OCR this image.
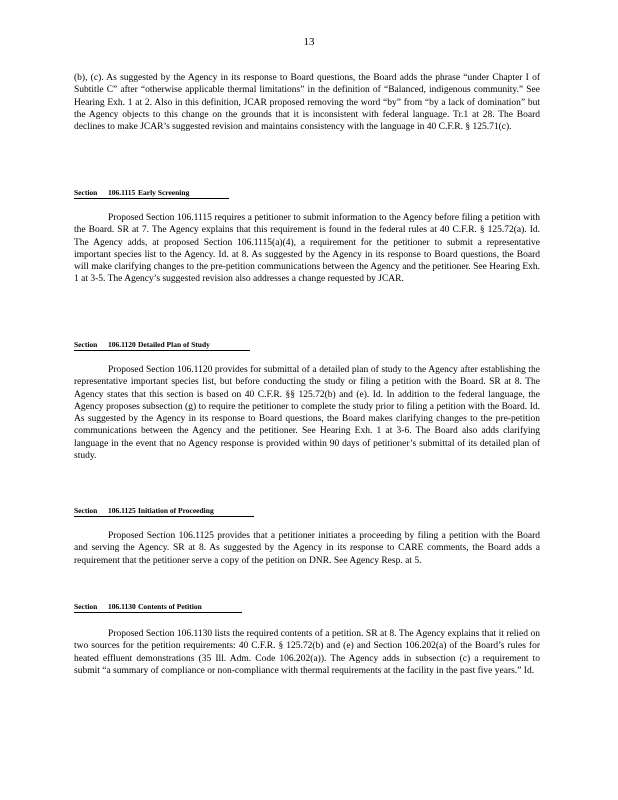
13

(b), (c). As suggested by the Agency in its response to Board questions, the Board adds the phrase “under Chapter I of Subtitle C” after “otherwise applicable thermal limitations” in the definition of “Balanced, indigenous community.” See Hearing Exh. 1 at 2. Also in this definition, JCAR proposed removing the word “by” from “by a lack of domination” but the Agency objects to this change on the grounds that it is inconsistent with federal language. Tr.1 at 28. The Board declines to make JCAR’s suggested revision and maintains consistency with the language in 40 C.F.R. § 125.71(c).

Section 106.1115 Early Screening

Proposed Section 106.1115 requires a petitioner to submit information to the Agency before filing a petition with the Board. SR at 7. The Agency explains that this requirement is found in the federal rules at 40 C.F.R. § 125.72(a). Id. The Agency adds, at proposed Section 106.1115(a)(4), a requirement for the petitioner to submit a representative important species list to the Agency. Id. at 8. As suggested by the Agency in its response to Board questions, the Board will make clarifying changes to the pre-petition communications between the Agency and the petitioner. See Hearing Exh. 1 at 3-5. The Agency’s suggested revision also addresses a change requested by JCAR.

Section 106.1120 Detailed Plan of Study

Proposed Section 106.1120 provides for submittal of a detailed plan of study to the Agency after establishing the representative important species list, but before conducting the study or filing a petition with the Board. SR at 8. The Agency states that this section is based on 40 C.F.R. §§ 125.72(b) and (e). Id. In addition to the federal language, the Agency proposes subsection (g) to require the petitioner to complete the study prior to filing a petition with the Board. Id. As suggested by the Agency in its response to Board questions, the Board makes clarifying changes to the pre-petition communications between the Agency and the petitioner. See Hearing Exh. 1 at 3-6. The Board also adds clarifying language in the event that no Agency response is provided within 90 days of petitioner’s submittal of its detailed plan of study.

Section 106.1125 Initiation of Proceeding

Proposed Section 106.1125 provides that a petitioner initiates a proceeding by filing a petition with the Board and serving the Agency. SR at 8. As suggested by the Agency in its response to CARE comments, the Board adds a requirement that the petitioner serve a copy of the petition on DNR. See Agency Resp. at 5.

Section 106.1130 Contents of Petition

Proposed Section 106.1130 lists the required contents of a petition. SR at 8. The Agency explains that it relied on two sources for the petition requirements: 40 C.F.R. § 125.72(b) and (e) and Section 106.202(a) of the Board’s rules for heated effluent demonstrations (35 Ill. Adm. Code 106.202(a)). The Agency adds in subsection (c) a requirement to submit “a summary of compliance or non-compliance with thermal requirements at the facility in the past five years.” Id.
